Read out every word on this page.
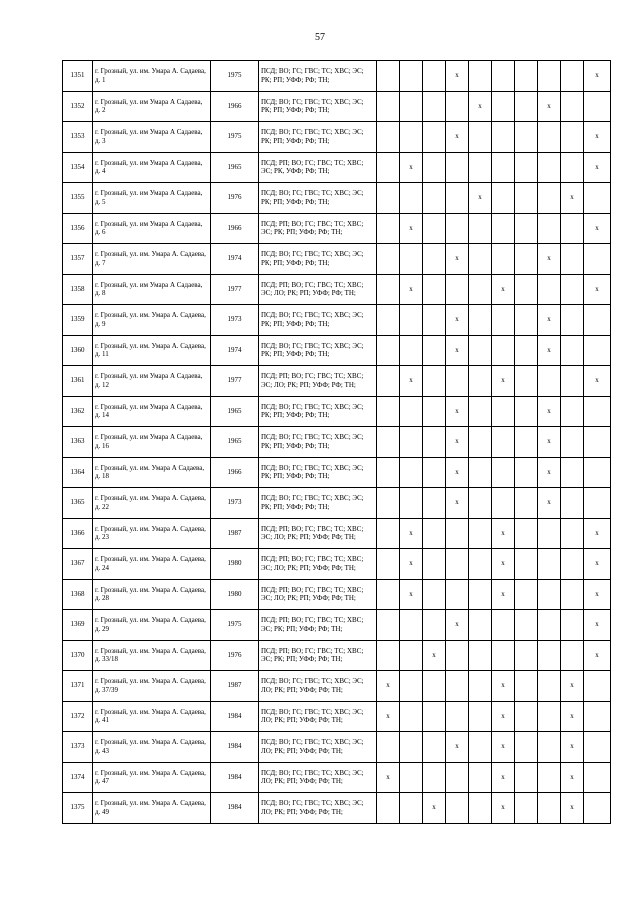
57
1351	г. Грозный, ул. им. Умара А. Садаева, д. 1	1975	ПСД; ВО; ГС; ГВС; ТС; ХВС; ЭС; РК; РП; УФФ; РФ; ТН;				x						x
1352	г. Грозный, ул. им Умара А Садаева, д. 2	1966	ПСД; ВО; ГС; ГВС; ТС; ХВС; ЭС; РК; РП; УФФ; РФ; ТН;					x			x		
1353	г. Грозный, ул. им Умара А Садаева, д. 3	1975	ПСД; ВО; ГС; ГВС; ТС; ХВС; ЭС; РК; РП; УФФ; РФ; ТН;				x						x
1354	г. Грозный, ул. им Умара А Садаева, д. 4	1965	ПСД; РП; ВО; ГС; ГВС; ТС; ХВС; ЭС; РК, УФФ; РФ; ТН;		x								x
1355	г. Грозный, ул. им Умара А Садаева, д. 5	1976	ПСД; ВО; ГС; ГВС; ТС; ХВС; ЭС; РК; РП; УФФ; РФ; ТН;					x				x	
1356	г. Грозный, ул. им Умара А Садаева, д. 6	1966	ПСД; РП; ВО; ГС; ГВС; ТС; ХВС; ЭС; РК; РП; УФФ; РФ; ТН;		x								x
1357	г. Грозный, ул. им. Умара А. Садаева, д. 7	1974	ПСД; ВО; ГС; ГВС; ТС; ХВС; ЭС; РК; РП; УФФ; РФ; ТН;				x				x		
1358	г. Грозный, ул. им Умара А Садаева, д. 8	1977	ПСД; РП; ВО; ГС; ГВС; ТС; ХВС; ЭС; ЛО; РК; РП; УФФ; РФ; ТН;		x				x				x
1359	г. Грозный, ул. им. Умара А. Садаева, д. 9	1973	ПСД; ВО; ГС; ГВС; ТС; ХВС; ЭС; РК; РП; УФФ; РФ; ТН;				x				x		
1360	г. Грозный, ул. им. Умара А. Садаева, д. 11	1974	ПСД; ВО; ГС; ГВС; ТС; ХВС; ЭС; РК; РП; УФФ; РФ; ТН;				x				x		
1361	г. Грозный, ул. им Умара А Садаева, д. 12	1977	ПСД; РП; ВО; ГС; ГВС; ТС; ХВС; ЭС; ЛО; РК; РП; УФФ; РФ; ТН;		x				x				x
1362	г. Грозный, ул. им Умара А Садаева, д. 14	1965	ПСД; ВО; ГС; ГВС; ТС; ХВС; ЭС; РК; РП; УФФ; РФ; ТН;				x				x		
1363	г. Грозный, ул. им Умара А Садаева, д. 16	1965	ПСД; ВО; ГС; ГВС; ТС; ХВС; ЭС; РК; РП; УФФ; РФ; ТН;				x				x		
1364	г. Грозный, ул. им. Умара А Садаева, д. 18	1966	ПСД; ВО; ГС; ГВС; ТС; ХВС; ЭС; РК; РП; УФФ; РФ; ТН;				x				x		
1365	г. Грозный, ул. им. Умара А. Садаева, д. 22	1973	ПСД; ВО; ГС; ГВС; ТС; ХВС; ЭС; РК; РП; УФФ; РФ; ТН;				x				x		
1366	г. Грозный, ул. им. Умара А. Садаева, д. 23	1987	ПСД; РП; ВО; ГС; ГВС; ТС; ХВС; ЭС; ЛО; РК; РП; УФФ; РФ; ТН;		x				x				x
1367	г. Грозный, ул. им. Умара А. Садаева, д. 24	1980	ПСД; РП; ВО; ГС; ГВС; ТС; ХВС; ЭС; ЛО; РК; РП; УФФ; РФ; ТН;		x				x				x
1368	г. Грозный, ул. им. Умара А. Садаева, д. 28	1980	ПСД; РП; ВО; ГС; ГВС; ТС; ХВС; ЭС; ЛО; РК; РП; УФФ; РФ; ТН;		x				x				x
1369	г. Грозный, ул. им. Умара А. Садаева, д. 29	1975	ПСД; РП; ВО; ГС; ГВС; ТС; ХВС; ЭС; РК; РП; УФФ; РФ; ТН;				x						x
1370	г. Грозный, ул. им. Умара А. Садаева, д. 33/18	1976	ПСД; РП; ВО; ГС; ГВС; ТС; ХВС; ЭС; РК; РП; УФФ; РФ; ТН;			x							x
1371	г. Грозный, ул. им. Умара А. Садаева, д. 37/39	1987	ПСД; ВО; ГС; ГВС; ТС; ХВС; ЭС; ЛО; РК; РП; УФФ; РФ; ТН;	x					x			x	
1372	г. Грозный, ул. им. Умара А. Садаева, д. 41	1984	ПСД; ВО; ГС; ГВС; ТС; ХВС; ЭС; ЛО; РК; РП; УФФ; РФ; ТН;	x					x			x	
1373	г. Грозный, ул. им. Умара А. Садаева, д. 43	1984	ПСД; ВО; ГС; ГВС; ТС; ХВС; ЭС; ЛО; РК; РП; УФФ; РФ; ТН;				x		x			x	
1374	г. Грозный, ул. им. Умара А. Садаева, д. 47	1984	ПСД; ВО; ГС; ГВС; ТС; ХВС; ЭС; ЛО; РК; РП; УФФ; РФ; ТН;	x					x			x	
1375	г. Грозный, ул. им. Умара А. Садаева, д. 49	1984	ПСД; ВО; ГС; ГВС; ТС; ХВС; ЭС; ЛО; РК; РП; УФФ; РФ; ТН;			x			x			x	
